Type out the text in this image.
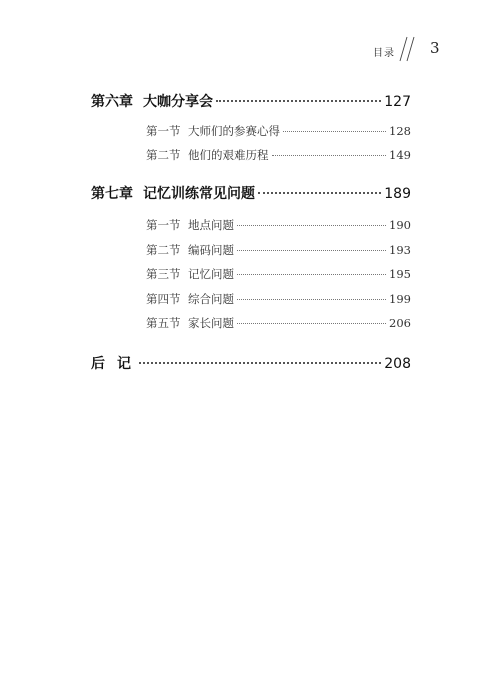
目录 3
第六章 大咖分享会	127
第一节 大师们的参赛心得	128
第二节 他们的艰难历程	149
第七章 记忆训练常见问题	189
第一节 地点问题	190
第二节 编码问题	193
第三节 记忆问题	195
第四节 综合问题	199
第五节 家长问题	206
后记	208
